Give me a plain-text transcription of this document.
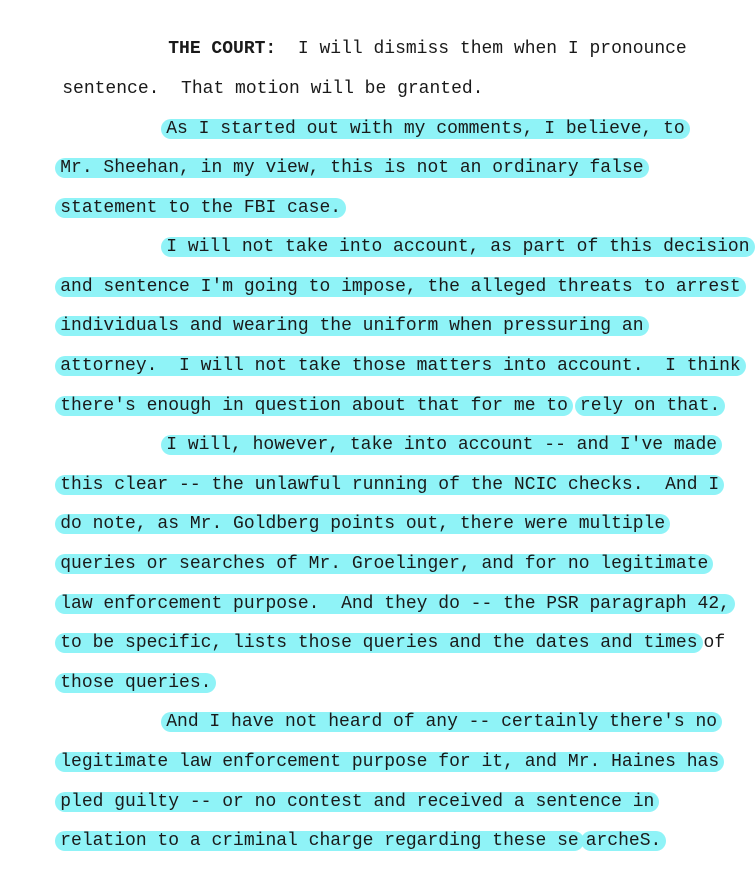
THE COURT: I will dismiss them when I pronounce

sentence.  That motion will be granted.

As I started out with my comments, I believe, to

Mr. Sheehan, in my view, this is not an ordinary false

statement to the FBI case.

I will not take into account, as part of this decision

and sentence I'm going to impose, the alleged threats to arrest

individuals and wearing the uniform when pressuring an

attorney.  I will not take those matters into account.  I think

there's enough in question about that for me to rely on that.

I will, however, take into account -- and I've made

this clear -- the unlawful running of the NCIC checks.  And I

do note, as Mr. Goldberg points out, there were multiple

queries or searches of Mr. Groelinger, and for no legitimate

law enforcement purpose.  And they do -- the PSR paragraph 42,

to be specific, lists those queries and the dates and times of

those queries.

And I have not heard of any -- certainly there's no

legitimate law enforcement purpose for it, and Mr. Haines has

pled guilty -- or no contest and received a sentence in

relation to a criminal charge regarding these se archeS.
